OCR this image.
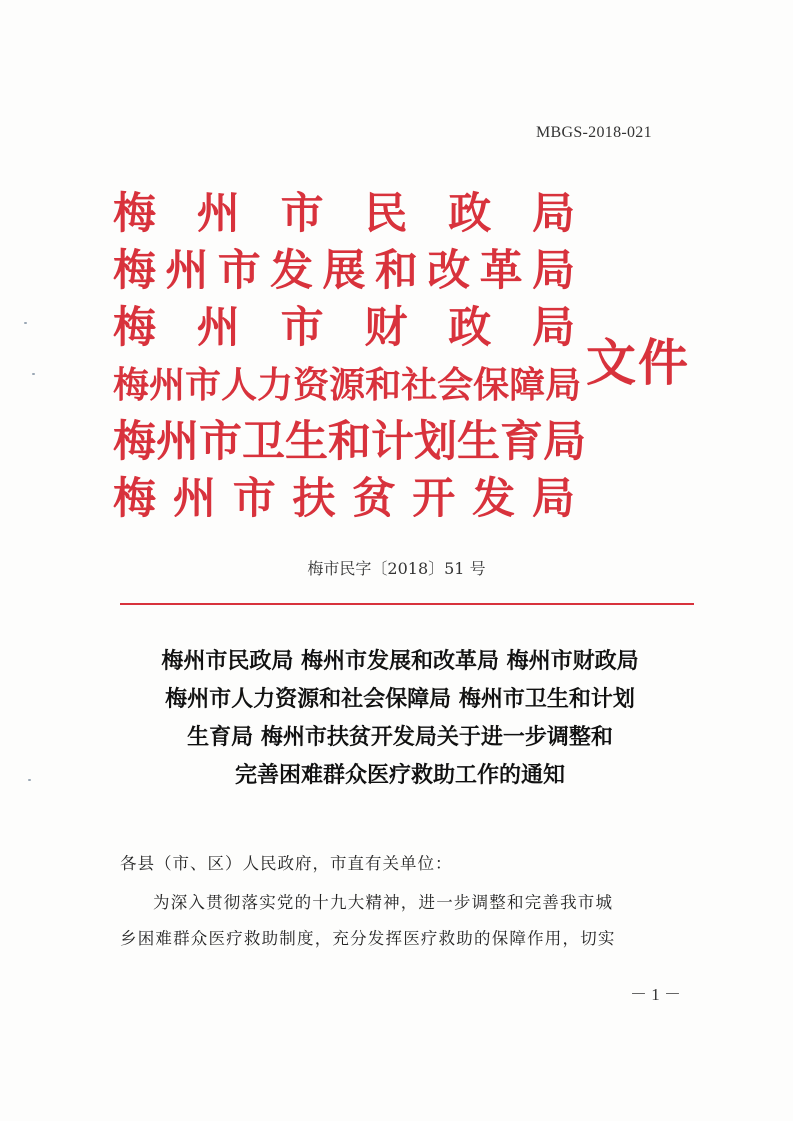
MBGS-2018-021
梅 州 市 民 政 局
梅 州 市 发 展 和 改 革 局
梅 州 市 财 政 局
梅 州 市 人 力 资 源 和 社 会 保 障 局
梅 州 市 卫 生 和 计 划 生 育 局
梅 州 市 扶 贫 开 发 局
文件
梅市民字〔2018〕51 号
梅州市民政局 梅州市发展和改革局 梅州市财政局
梅州市人力资源和社会保障局 梅州市卫生和计划
生育局 梅州市扶贫开发局关于进一步调整和
完善困难群众医疗救助工作的通知
各县（市、区）人民政府，市直有关单位：
为深入贯彻落实党的十九大精神，进一步调整和完善我市城
乡困难群众医疗救助制度，充分发挥医疗救助的保障作用，切实
－ 1 －
